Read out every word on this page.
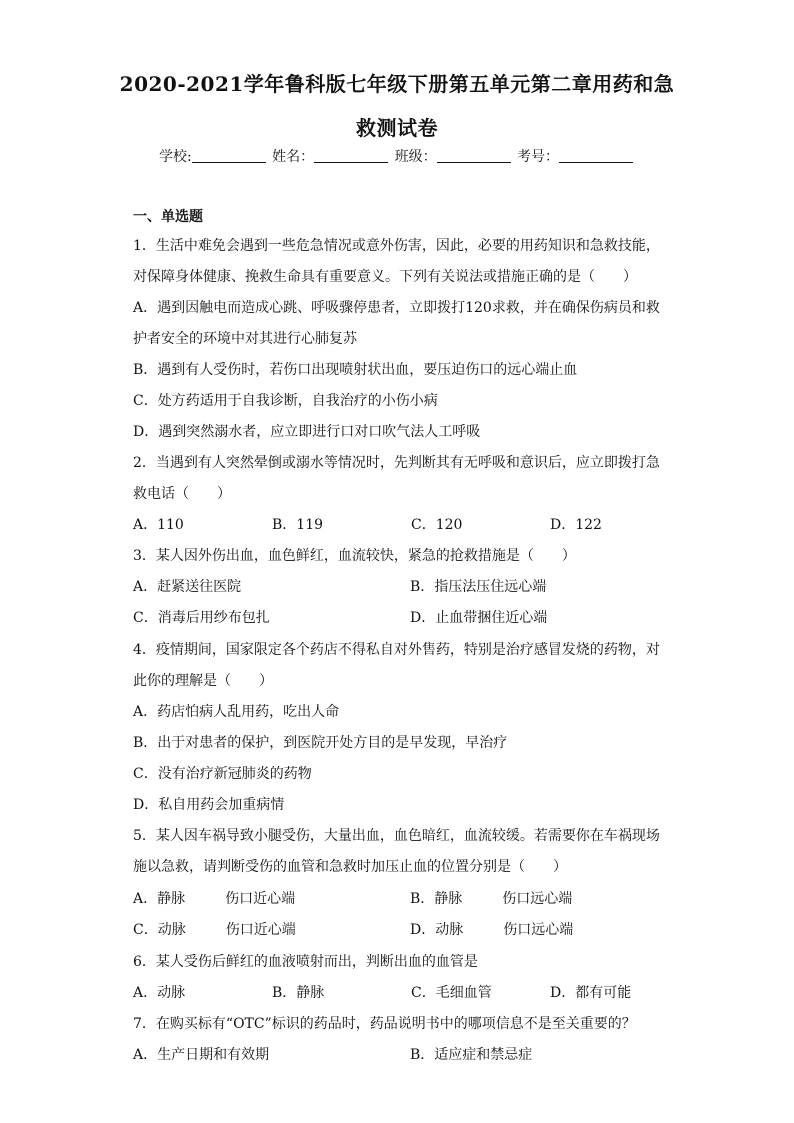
2020-2021学年鲁科版七年级下册第五单元第二章用药和急
救测试卷
学校:	姓名：	班级：	考号：
一、单选题
1．生活中难免会遇到一些危急情况或意外伤害，因此，必要的用药知识和急救技能，
对保障身体健康、挽救生命具有重要意义。下列有关说法或措施正确的是（　　）
A．遇到因触电而造成心跳、呼吸骤停患者，立即拨打120求救，并在确保伤病员和救
护者安全的环境中对其进行心肺复苏
B．遇到有人受伤时，若伤口出现喷射状出血，要压迫伤口的远心端止血
C．处方药适用于自我诊断，自我治疗的小伤小病
D．遇到突然溺水者，应立即进行口对口吹气法人工呼吸
2．当遇到有人突然晕倒或溺水等情况时，先判断其有无呼吸和意识后，应立即拨打急
救电话（　　）
A．110	B．119	C．120	D．122
3．某人因外伤出血，血色鲜红，血流较快，紧急的抢救措施是（　　）
A．赶紧送往医院	B．指压法压住远心端
C．消毒后用纱布包扎	D．止血带捆住近心端
4．疫情期间，国家限定各个药店不得私自对外售药，特别是治疗感冒发烧的药物，对
此你的理解是（　　）
A．药店怕病人乱用药，吃出人命
B．出于对患者的保护，到医院开处方目的是早发现，早治疗
C．没有治疗新冠肺炎的药物
D．私自用药会加重病情
5．某人因车祸导致小腿受伤，大量出血，血色暗红，血流较缓。若需要你在车祸现场
施以急救，请判断受伤的血管和急救时加压止血的位置分别是（　　）
A．静脉	伤口近心端	B．静脉	伤口远心端
C．动脉	伤口近心端	D．动脉	伤口远心端
6．某人受伤后鲜红的血液喷射而出，判断出血的血管是
A．动脉	B．静脉	C．毛细血管	D．都有可能
7．在购买标有“OTC”标识的药品时，药品说明书中的哪项信息不是至关重要的？
A．生产日期和有效期	B．适应症和禁忌症
